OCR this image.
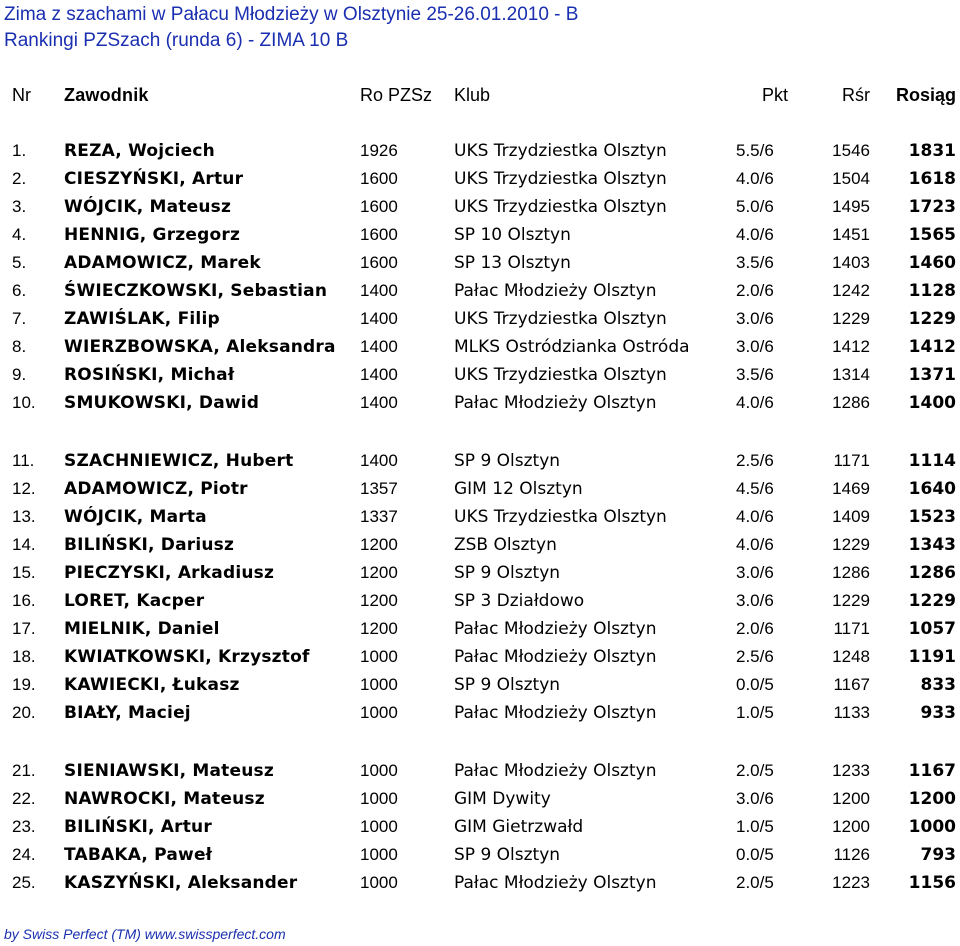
Zima z szachami w Pałacu Młodzieży w Olsztynie 25-26.01.2010 - B
Rankingi PZSzach (runda 6) - ZIMA 10 B
Nr Zawodnik	Ro PZSz Klub	Pkt	Rśr	Rosiąg
1. REZA, Wojciech	1926	UKS Trzydziestka Olsztyn	5.5/6	1546	1831
2. CIESZYŃSKI, Artur	1600	UKS Trzydziestka Olsztyn	4.0/6	1504	1618
3. WÓJCIK, Mateusz	1600	UKS Trzydziestka Olsztyn	5.0/6	1495	1723
4. HENNIG, Grzegorz	1600	SP 10 Olsztyn	4.0/6	1451	1565
5. ADAMOWICZ, Marek	1600	SP 13 Olsztyn	3.5/6	1403	1460
6. ŚWIECZKOWSKI, Sebastian 1400	Pałac Młodzieży Olsztyn	2.0/6	1242	1128
7. ZAWIŚLAK, Filip	1400	UKS Trzydziestka Olsztyn	3.0/6	1229	1229
8. WIERZBOWSKA, Aleksandra 1400	MLKS Ostródzianka Ostróda	3.0/6	1412	1412
9. ROSIŃSKI, Michał	1400	UKS Trzydziestka Olsztyn	3.5/6	1314	1371
10. SMUKOWSKI, Dawid	1400	Pałac Młodzieży Olsztyn	4.0/6	1286	1400
11. SZACHNIEWICZ, Hubert	1400	SP 9 Olsztyn	2.5/6	1171	1114
12. ADAMOWICZ, Piotr	1357	GIM 12 Olsztyn	4.5/6	1469	1640
13. WÓJCIK, Marta	1337	UKS Trzydziestka Olsztyn	4.0/6	1409	1523
14. BILIŃSKI, Dariusz	1200	ZSB Olsztyn	4.0/6	1229	1343
15. PIECZYSKI, Arkadiusz	1200	SP 9 Olsztyn	3.0/6	1286	1286
16. LORET, Kacper	1200	SP 3 Działdowo	3.0/6	1229	1229
17. MIELNIK, Daniel	1200	Pałac Młodzieży Olsztyn	2.0/6	1171	1057
18. KWIATKOWSKI, Krzysztof	1000	Pałac Młodzieży Olsztyn	2.5/6	1248	1191
19. KAWIECKI, Łukasz	1000	SP 9 Olsztyn	0.0/5	1167	833
20. BIAŁY, Maciej	1000	Pałac Młodzieży Olsztyn	1.0/5	1133	933
21. SIENIAWSKI, Mateusz	1000	Pałac Młodzieży Olsztyn	2.0/5	1233	1167
22. NAWROCKI, Mateusz	1000	GIM Dywity	3.0/6	1200	1200
23. BILIŃSKI, Artur	1000	GIM Gietrzwałd	1.0/5	1200	1000
24. TABAKA, Paweł	1000	SP 9 Olsztyn	0.0/5	1126	793
25. KASZYŃSKI, Aleksander	1000	Pałac Młodzieży Olsztyn	2.0/5	1223	1156
by Swiss Perfect (TM) www.swissperfect.com
